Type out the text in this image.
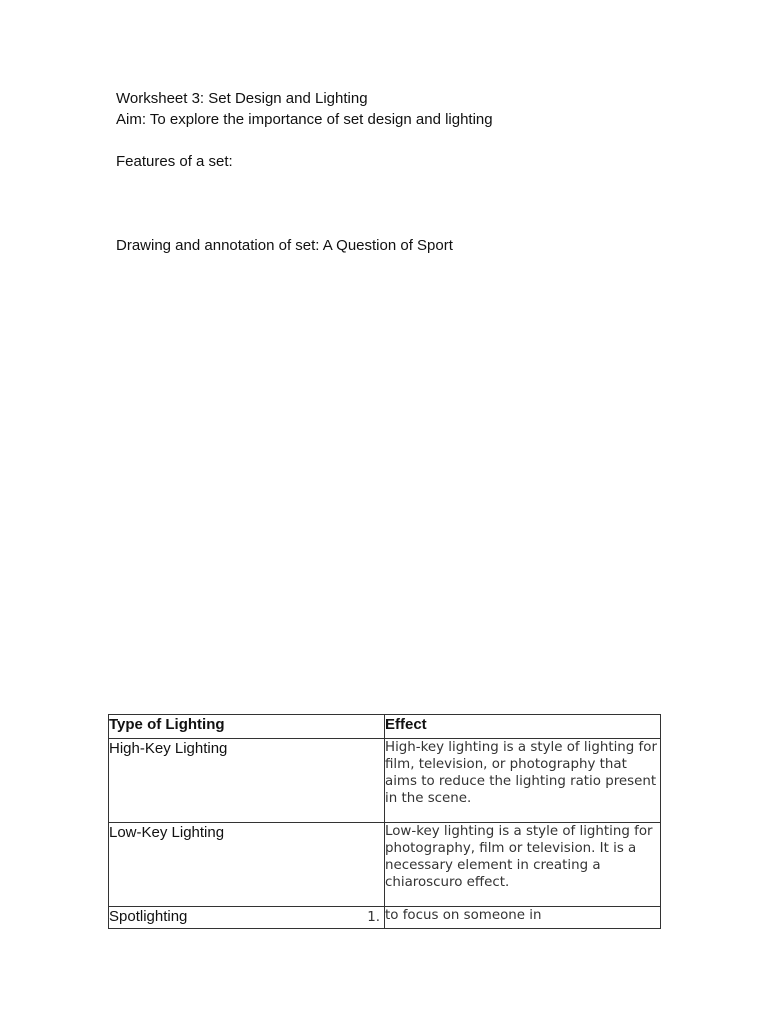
Worksheet 3: Set Design and Lighting
Aim: To explore the importance of set design and lighting
Features of a set:
Drawing and annotation of set: A Question of Sport
Type of Lighting	Effect
High-Key Lighting	High-key lighting is a style of lighting for film, television, or photography that aims to reduce the lighting ratio present in the scene.
Low-Key Lighting	Low-key lighting is a style of lighting for photography, film or television. It is a necessary element in creating a chiaroscuro effect.
Spotlighting 1.	to focus on someone in
